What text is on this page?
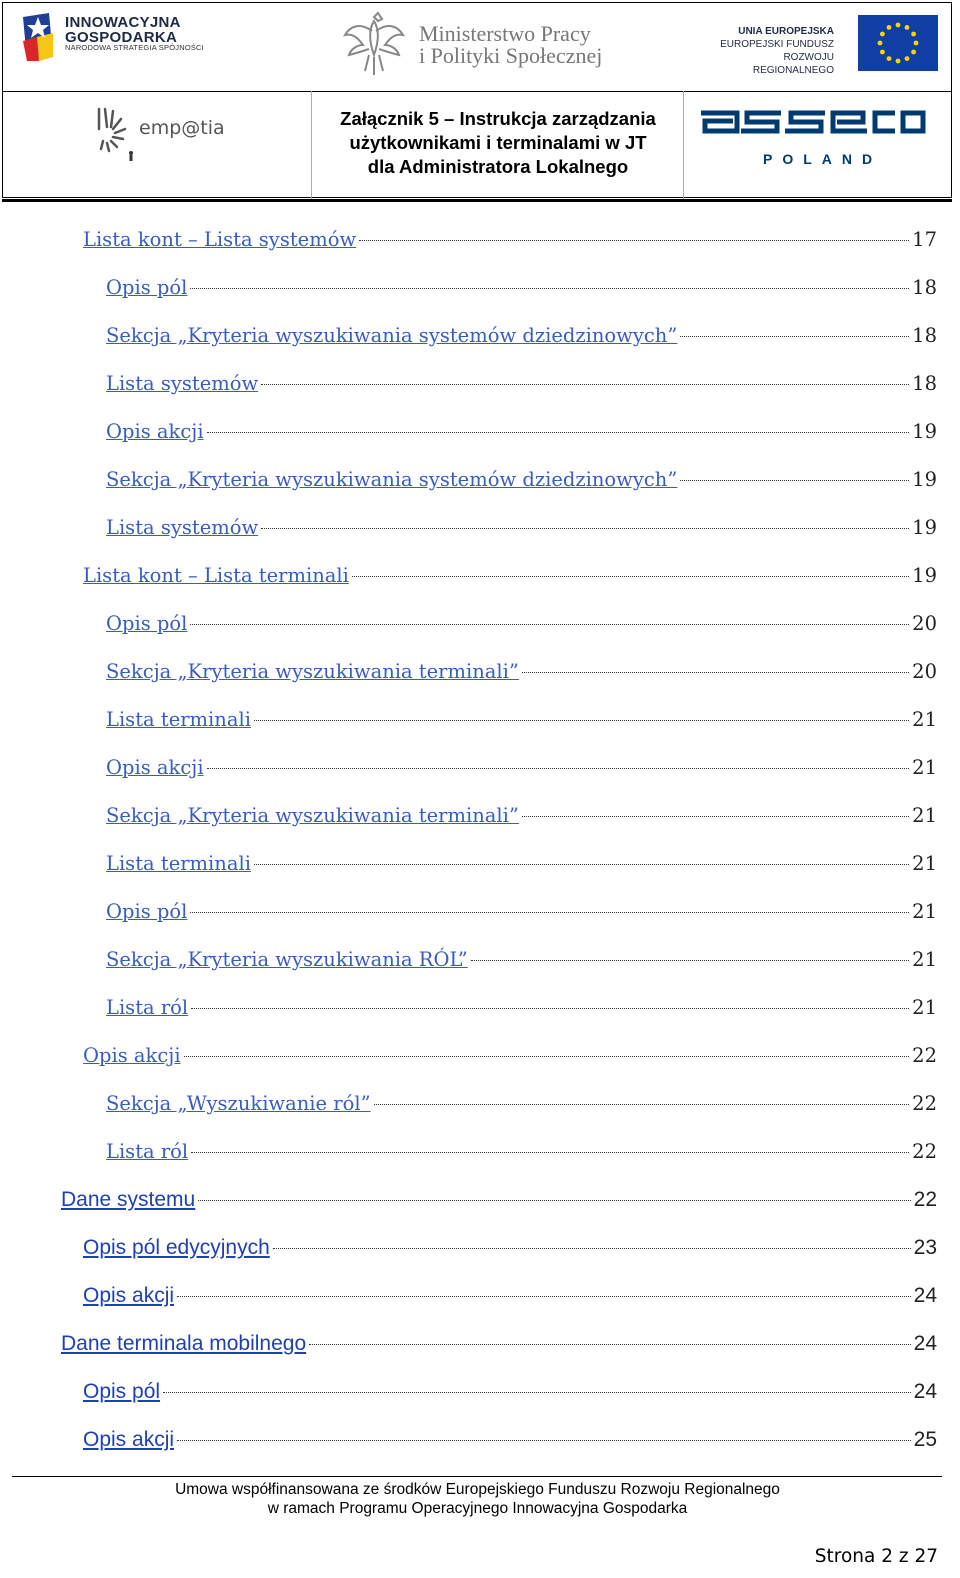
INNOWACYJNA
GOSPODARKA
NARODOWA STRATEGIA SPÓJNOŚCI
Ministerstwo Pracy
i Polityki Społecznej
UNIA EUROPEJSKA
EUROPEJSKI FUNDUSZ
ROZWOJU REGIONALNEGO
emp@tia	Załącznik 5 – Instrukcja zarządzania
użytkownikami i terminalami w JT
dla Administratora Lokalnego	POLAND
Lista kont – Lista systemów	17
Opis pól	18
Sekcja „Kryteria wyszukiwania systemów dziedzinowych”	18
Lista systemów	18
Opis akcji	19
Sekcja „Kryteria wyszukiwania systemów dziedzinowych”	19
Lista systemów	19
Lista kont – Lista terminali	19
Opis pól	20
Sekcja „Kryteria wyszukiwania terminali”	20
Lista terminali	21
Opis akcji	21
Sekcja „Kryteria wyszukiwania terminali”	21
Lista terminali	21
Opis pól	21
Sekcja „Kryteria wyszukiwania RÓL”	21
Lista ról	21
Opis akcji	22
Sekcja „Wyszukiwanie ról”	22
Lista ról	22
Dane systemu	22
Opis pól edycyjnych	23
Opis akcji	24
Dane terminala mobilnego	24
Opis pól	24
Opis akcji	25
Umowa współfinansowana ze środków Europejskiego Funduszu Rozwoju Regionalnego
w ramach Programu Operacyjnego Innowacyjna Gospodarka
Strona 2 z 27
